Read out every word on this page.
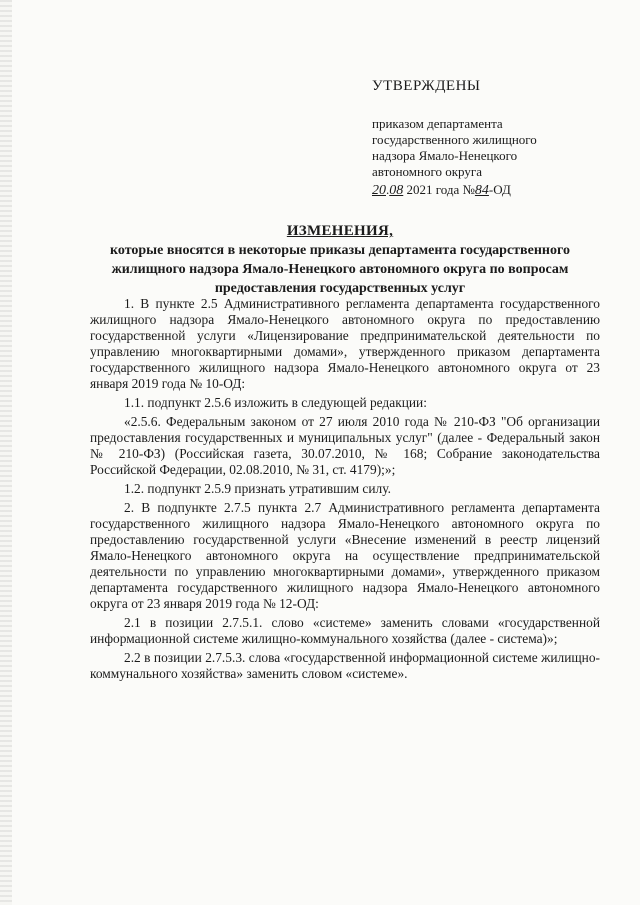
УТВЕРЖДЕНЫ
приказом департамента
государственного жилищного
надзора Ямало-Ненецкого
автономного округа
20.08 2021 года №84-ОД
ИЗМЕНЕНИЯ,
которые вносятся в некоторые приказы департамента государственного
жилищного надзора Ямало-Ненецкого автономного округа по вопросам
предоставления государственных услуг

1. В пункте 2.5 Административного регламента департамента государственного жилищного надзора Ямало-Ненецкого автономного округа по предоставлению государственной услуги «Лицензирование предпринимательской деятельности по управлению многоквартирными домами», утвержденного приказом департамента государственного жилищного надзора Ямало-Ненецкого автономного округа от 23 января 2019 года № 10-ОД:

1.1. подпункт 2.5.6 изложить в следующей редакции:

«2.5.6. Федеральным законом от 27 июля 2010 года № 210-ФЗ "Об организации предоставления государственных и муниципальных услуг" (далее - Федеральный закон № 210-ФЗ) (Российская газета, 30.07.2010, № 168; Собрание законодательства Российской Федерации, 02.08.2010, № 31, ст. 4179);»;

1.2. подпункт 2.5.9 признать утратившим силу.

2. В подпункте 2.7.5 пункта 2.7 Административного регламента департамента государственного жилищного надзора Ямало-Ненецкого автономного округа по предоставлению государственной услуги «Внесение изменений в реестр лицензий Ямало-Ненецкого автономного округа на осуществление предпринимательской деятельности по управлению многоквартирными домами», утвержденного приказом департамента государственного жилищного надзора Ямало-Ненецкого автономного округа от 23 января 2019 года № 12-ОД:

2.1 в позиции 2.7.5.1. слово «системе» заменить словами «государственной информационной системе жилищно-коммунального хозяйства (далее - система)»;

2.2 в позиции 2.7.5.3. слова «государственной информационной системе жилищно-коммунального хозяйства» заменить словом «системе».
